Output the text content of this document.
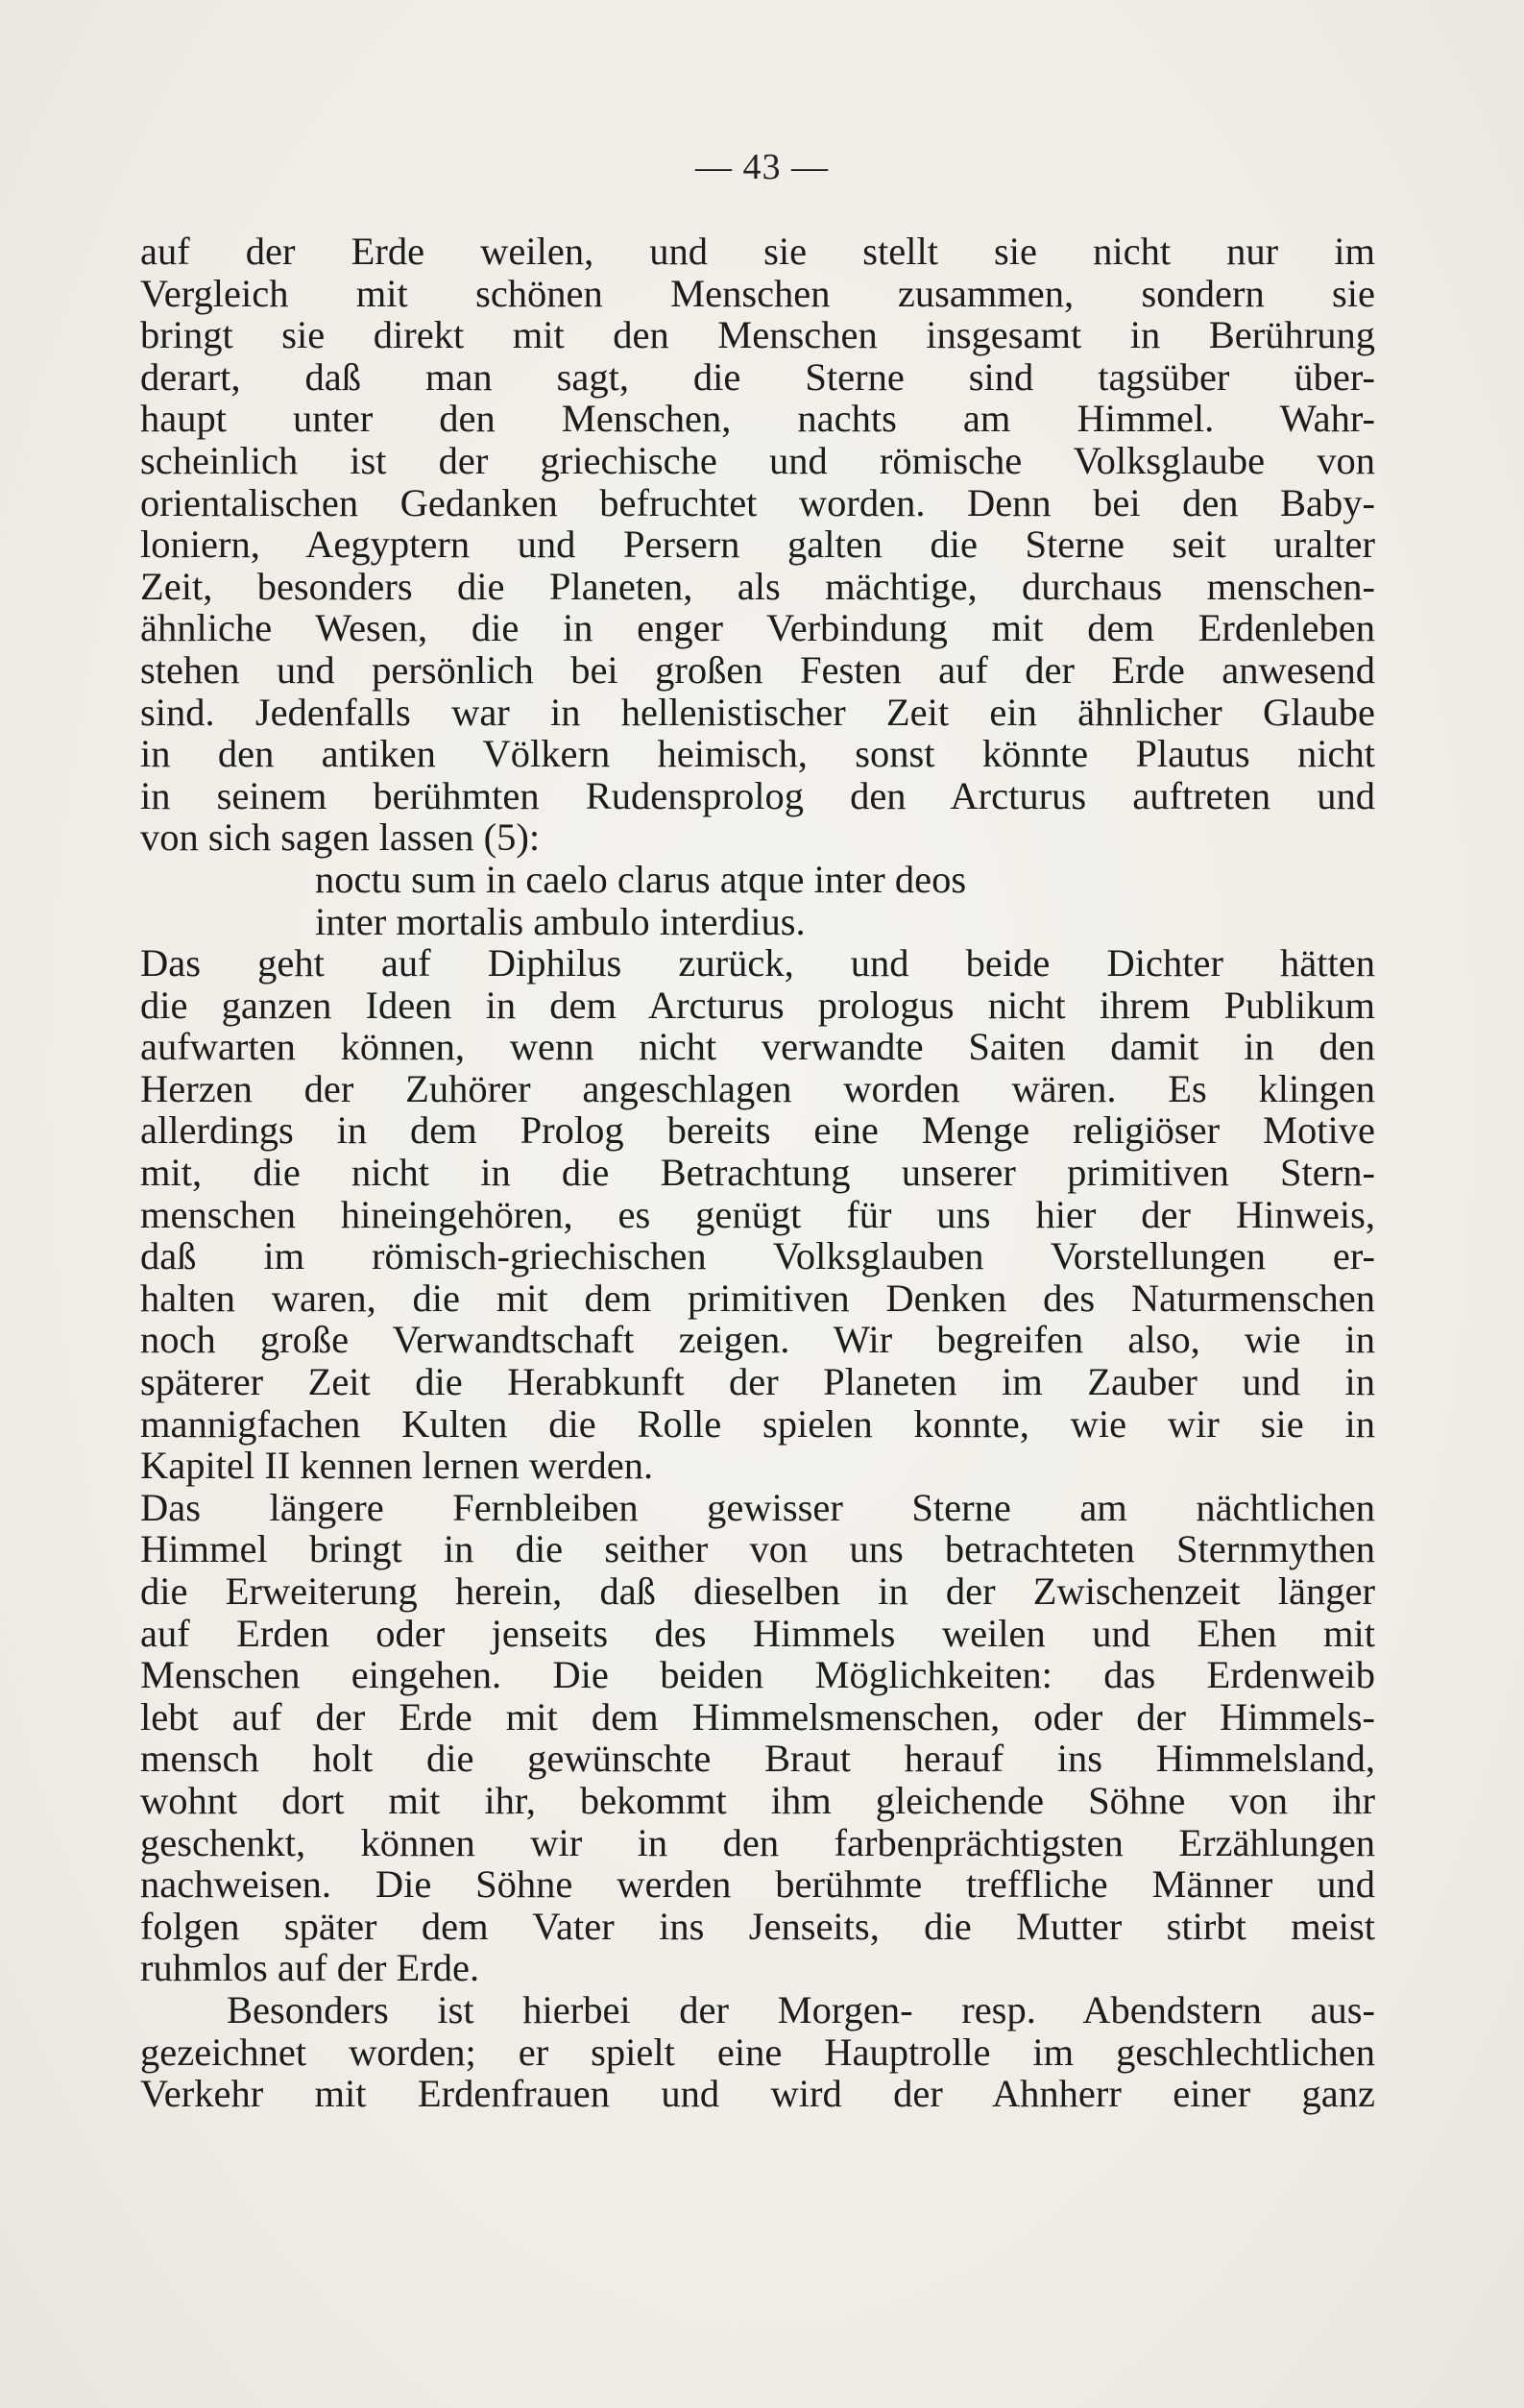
— 43 —
auf der Erde weilen, und sie stellt sie nicht nur im
Vergleich mit schönen Menschen zusammen, sondern sie
bringt sie direkt mit den Menschen insgesamt in Berührung
derart, daß man sagt, die Sterne sind tagsüber über-
haupt unter den Menschen, nachts am Himmel. Wahr-
scheinlich ist der griechische und römische Volksglaube von
orientalischen Gedanken befruchtet worden. Denn bei den Baby-
loniern, Aegyptern und Persern galten die Sterne seit uralter
Zeit, besonders die Planeten, als mächtige, durchaus menschen-
ähnliche Wesen, die in enger Verbindung mit dem Erdenleben
stehen und persönlich bei großen Festen auf der Erde anwesend
sind. Jedenfalls war in hellenistischer Zeit ein ähnlicher Glaube
in den antiken Völkern heimisch, sonst könnte Plautus nicht
in seinem berühmten Rudensprolog den Arcturus auftreten und
von sich sagen lassen (5):
noctu sum in caelo clarus atque inter deos
inter mortalis ambulo interdius.
Das geht auf Diphilus zurück, und beide Dichter hätten
die ganzen Ideen in dem Arcturus prologus nicht ihrem Publikum
aufwarten können, wenn nicht verwandte Saiten damit in den
Herzen der Zuhörer angeschlagen worden wären. Es klingen
allerdings in dem Prolog bereits eine Menge religiöser Motive
mit, die nicht in die Betrachtung unserer primitiven Stern-
menschen hineingehören, es genügt für uns hier der Hinweis,
daß im römisch-griechischen Volksglauben Vorstellungen er-
halten waren, die mit dem primitiven Denken des Naturmenschen
noch große Verwandtschaft zeigen. Wir begreifen also, wie in
späterer Zeit die Herabkunft der Planeten im Zauber und in
mannigfachen Kulten die Rolle spielen konnte, wie wir sie in
Kapitel II kennen lernen werden.
Das längere Fernbleiben gewisser Sterne am nächtlichen
Himmel bringt in die seither von uns betrachteten Sternmythen
die Erweiterung herein, daß dieselben in der Zwischenzeit länger
auf Erden oder jenseits des Himmels weilen und Ehen mit
Menschen eingehen. Die beiden Möglichkeiten: das Erdenweib
lebt auf der Erde mit dem Himmelsmenschen, oder der Himmels-
mensch holt die gewünschte Braut herauf ins Himmelsland,
wohnt dort mit ihr, bekommt ihm gleichende Söhne von ihr
geschenkt, können wir in den farbenprächtigsten Erzählungen
nachweisen. Die Söhne werden berühmte treffliche Männer und
folgen später dem Vater ins Jenseits, die Mutter stirbt meist
ruhmlos auf der Erde.
Besonders ist hierbei der Morgen- resp. Abendstern aus-
gezeichnet worden; er spielt eine Hauptrolle im geschlechtlichen
Verkehr mit Erdenfrauen und wird der Ahnherr einer ganz
